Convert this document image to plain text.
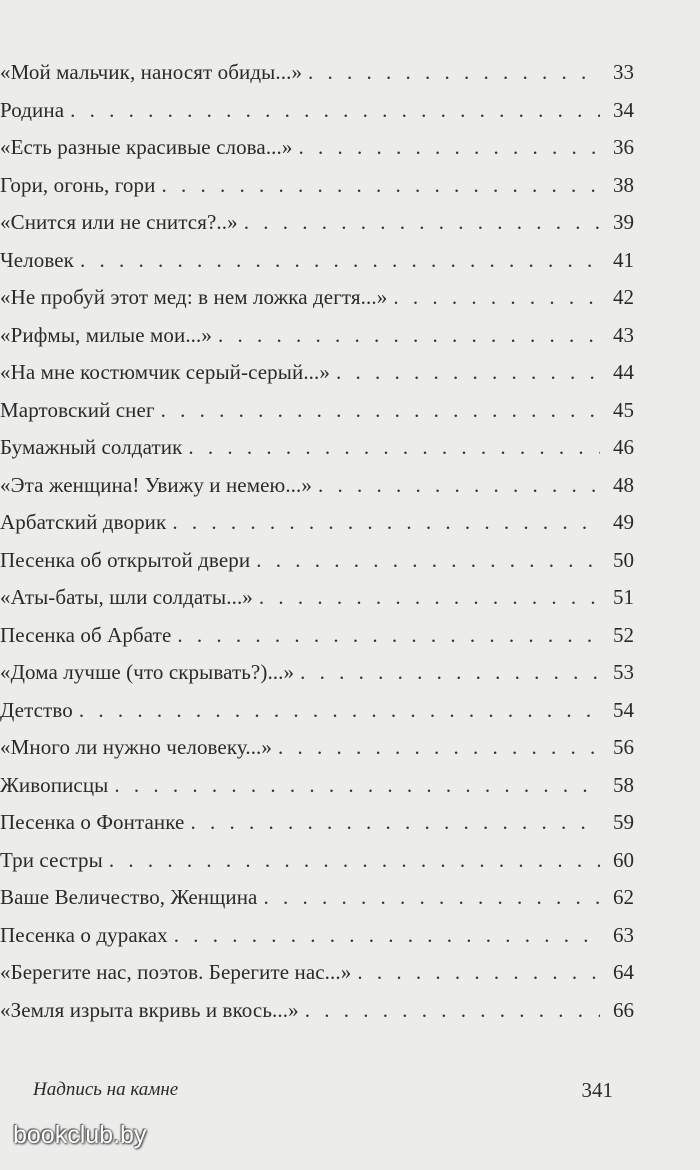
«Мой мальчик, наносят обиды...» . . .	33
Родина . . .	34
«Есть разные красивые слова...» . . .	36
Гори, огонь, гори . . .	38
«Снится или не снится?..» . . .	39
Человек . . .	41
«Не пробуй этот мед: в нем ложка дегтя...» . . .	42
«Рифмы, милые мои...» . . .	43
«На мне костюмчик серый-серый...» . . .	44
Мартовский снег . . .	45
Бумажный солдатик . . .	46
«Эта женщина! Увижу и немею...» . . .	48
Арбатский дворик . . .	49
Песенка об открытой двери . . .	50
«Аты-баты, шли солдаты...» . . .	51
Песенка об Арбате . . .	52
«Дома лучше (что скрывать?)...» . . .	53
Детство . . .	54
«Много ли нужно человеку...» . . .	56
Живописцы . . .	58
Песенка о Фонтанке . . .	59
Три сестры . . .	60
Ваше Величество, Женщина . . .	62
Песенка о дураках . . .	63
«Берегите нас, поэтов. Берегите нас...» . . .	64
«Земля изрыта вкривь и вкось...» . . .	66
Надпись на камне	341
bookclub.by
